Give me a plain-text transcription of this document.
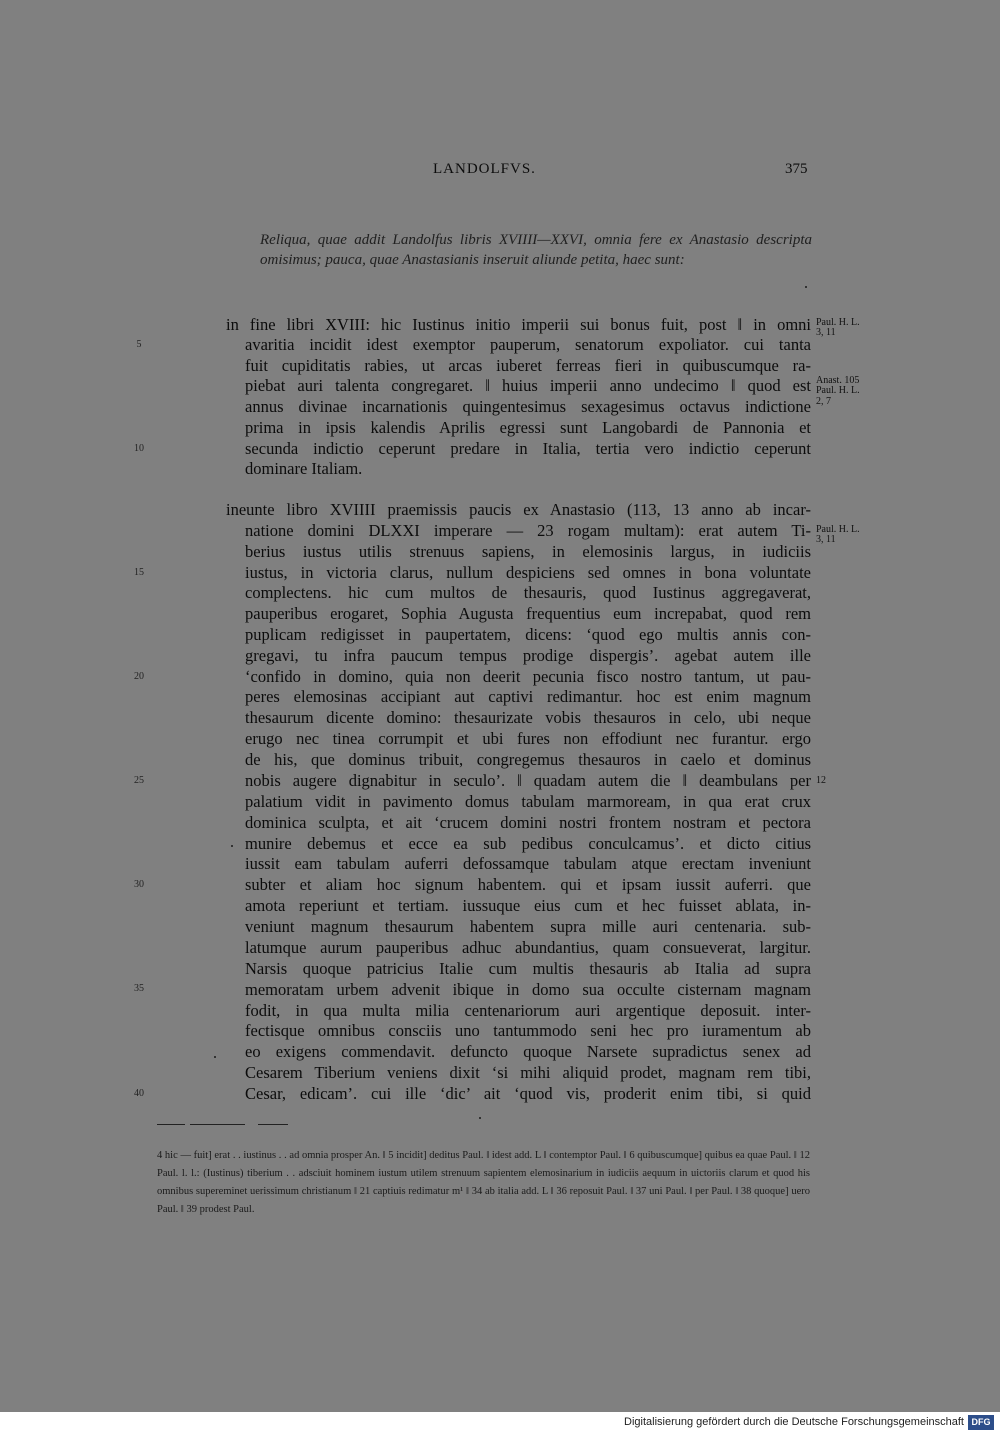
LANDOLFVS.	375
Reliqua, quae addit Landolfus libris XVIIII—XXVI, omnia fere ex Anastasio descripta omisimus; pauca, quae Anastasianis inseruit aliunde petita, haec sunt:
in fine libri XVIII: hic Iustinus initio imperii sui bonus fuit, post ‖ in omni
avaritia incidit idest exemptor pauperum, senatorum expoliator. cui tanta
fuit cupiditatis rabies, ut arcas iuberet ferreas fieri in quibuscumque ra-
piebat auri talenta congregaret. ‖ huius imperii anno undecimo ‖ quod est
annus divinae incarnationis quingentesimus sexagesimus octavus indictione
prima in ipsis kalendis Aprilis egressi sunt Langobardi de Pannonia et
secunda indictio ceperunt predare in Italia, tertia vero indictio ceperunt
dominare Italiam.
ineunte libro XVIIII praemissis paucis ex Anastasio (113, 13 anno ab incar-
natione domini DLXXI imperare — 23 rogam multam): erat autem Ti-
berius iustus utilis strenuus sapiens, in elemosinis largus, in iudiciis
iustus, in victoria clarus, nullum despiciens sed omnes in bona voluntate
complectens. hic cum multos de thesauris, quod Iustinus aggregaverat,
pauperibus erogaret, Sophia Augusta frequentius eum increpabat, quod rem
puplicam redigisset in paupertatem, dicens: ‘quod ego multis annis con-
gregavi, tu infra paucum tempus prodige dispergis’. agebat autem ille
‘confido in domino, quia non deerit pecunia fisco nostro tantum, ut pau-
peres elemosinas accipiant aut captivi redimantur. hoc est enim magnum
thesaurum dicente domino: thesaurizate vobis thesauros in celo, ubi neque
erugo nec tinea corrumpit et ubi fures non effodiunt nec furantur. ergo
de his, que dominus tribuit, congregemus thesauros in caelo et dominus
nobis augere dignabitur in seculo’. ‖ quadam autem die ‖ deambulans per
palatium vidit in pavimento domus tabulam marmoream, in qua erat crux
dominica sculpta, et ait ‘crucem domini nostri frontem nostram et pectora
munire debemus et ecce ea sub pedibus conculcamus’. et dicto citius
iussit eam tabulam auferri defossamque tabulam atque erectam inveniunt
subter et aliam hoc signum habentem. qui et ipsam iussit auferri. que
amota reperiunt et tertiam. iussuque eius cum et hec fuisset ablata, in-
veniunt magnum thesaurum habentem supra mille auri centenaria. sub-
latumque aurum pauperibus adhuc abundantius, quam consueverat, largitur.
Narsis quoque patricius Italie cum multis thesauris ab Italia ad supra
memoratam urbem advenit ibique in domo sua occulte cisternam magnam
fodit, in qua multa milia centenariorum auri argentique deposuit. inter-
fectisque omnibus consciis uno tantummodo seni hec pro iuramentum ab
eo exigens commendavit. defuncto quoque Narsete supradictus senex ad
Cesarem Tiberium veniens dixit ‘si mihi aliquid prodet, magnam rem tibi,
Cesar, edicam’. cui ille ‘dic’ ait ‘quod vis, proderit enim tibi, si quid
5
10
15
20
25
30
35
40
Paul. H. L.
3, 11
Anast. 105
Paul. H. L.
2, 7
Paul. H. L.
3, 11
12
4 hic — fuit] erat . . iustinus . . ad omnia prosper An. ‖ 5 incidit] deditus Paul. ‖ idest add. L ‖ contemptor Paul. ‖ 6 quibuscumque] quibus ea quae Paul. ‖ 12 Paul. l. l.: (Iustinus) tiberium . . adsciuit hominem iustum utilem strenuum sapientem elemosinarium in iudiciis aequum in uictoriis clarum et quod his omnibus supereminet uerissimum christianum ‖ 21 captiuis redimatur m¹ ‖ 34 ab italia add. L ‖ 36 reposuit Paul. ‖ 37 uni Paul. ‖ per Paul. ‖ 38 quoque] uero Paul. ‖ 39 prodest Paul.
Digitalisierung gefördert durch die Deutsche Forschungsgemeinschaft DFG
